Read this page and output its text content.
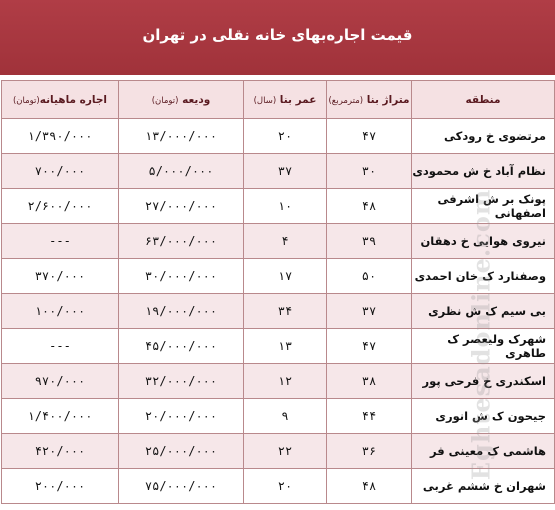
قیمت اجاره‌بهای خانه نقلی در تهران
منطقه	متراژ بنا (مترمربع)	عمر بنا (سال)	ودیعه (تومان)	اجاره ماهیانه(تومان)
مرتضوی خ رودکی	۴۷	۲۰	۱۳/۰۰۰/۰۰۰	۱/۳۹۰/۰۰۰
نظام آباد خ ش محمودی	۳۰	۳۷	۵/۰۰۰/۰۰۰	۷۰۰/۰۰۰
پونک بر ش اشرفی اصفهانی	۴۸	۱۰	۲۷/۰۰۰/۰۰۰	۲/۶۰۰/۰۰۰
نیروی هوایی خ دهقان	۳۹	۴	۶۳/۰۰۰/۰۰۰	---
وصفنارد ک خان احمدی	۵۰	۱۷	۳۰/۰۰۰/۰۰۰	۳۷۰/۰۰۰
بی سیم ک ش نظری	۳۷	۳۴	۱۹/۰۰۰/۰۰۰	۱۰۰/۰۰۰
شهرک ولیعصر ک طاهری	۴۷	۱۳	۴۵/۰۰۰/۰۰۰	---
اسکندری خ فرحی پور	۳۸	۱۲	۳۲/۰۰۰/۰۰۰	۹۷۰/۰۰۰
جیحون ک ش انوری	۴۴	۹	۲۰/۰۰۰/۰۰۰	۱/۴۰۰/۰۰۰
هاشمی ک معینی فر	۳۶	۲۲	۲۵/۰۰۰/۰۰۰	۴۲۰/۰۰۰
شهران خ ششم غربی	۴۸	۲۰	۷۵/۰۰۰/۰۰۰	۲۰۰/۰۰۰
Eghtesadonline.com
